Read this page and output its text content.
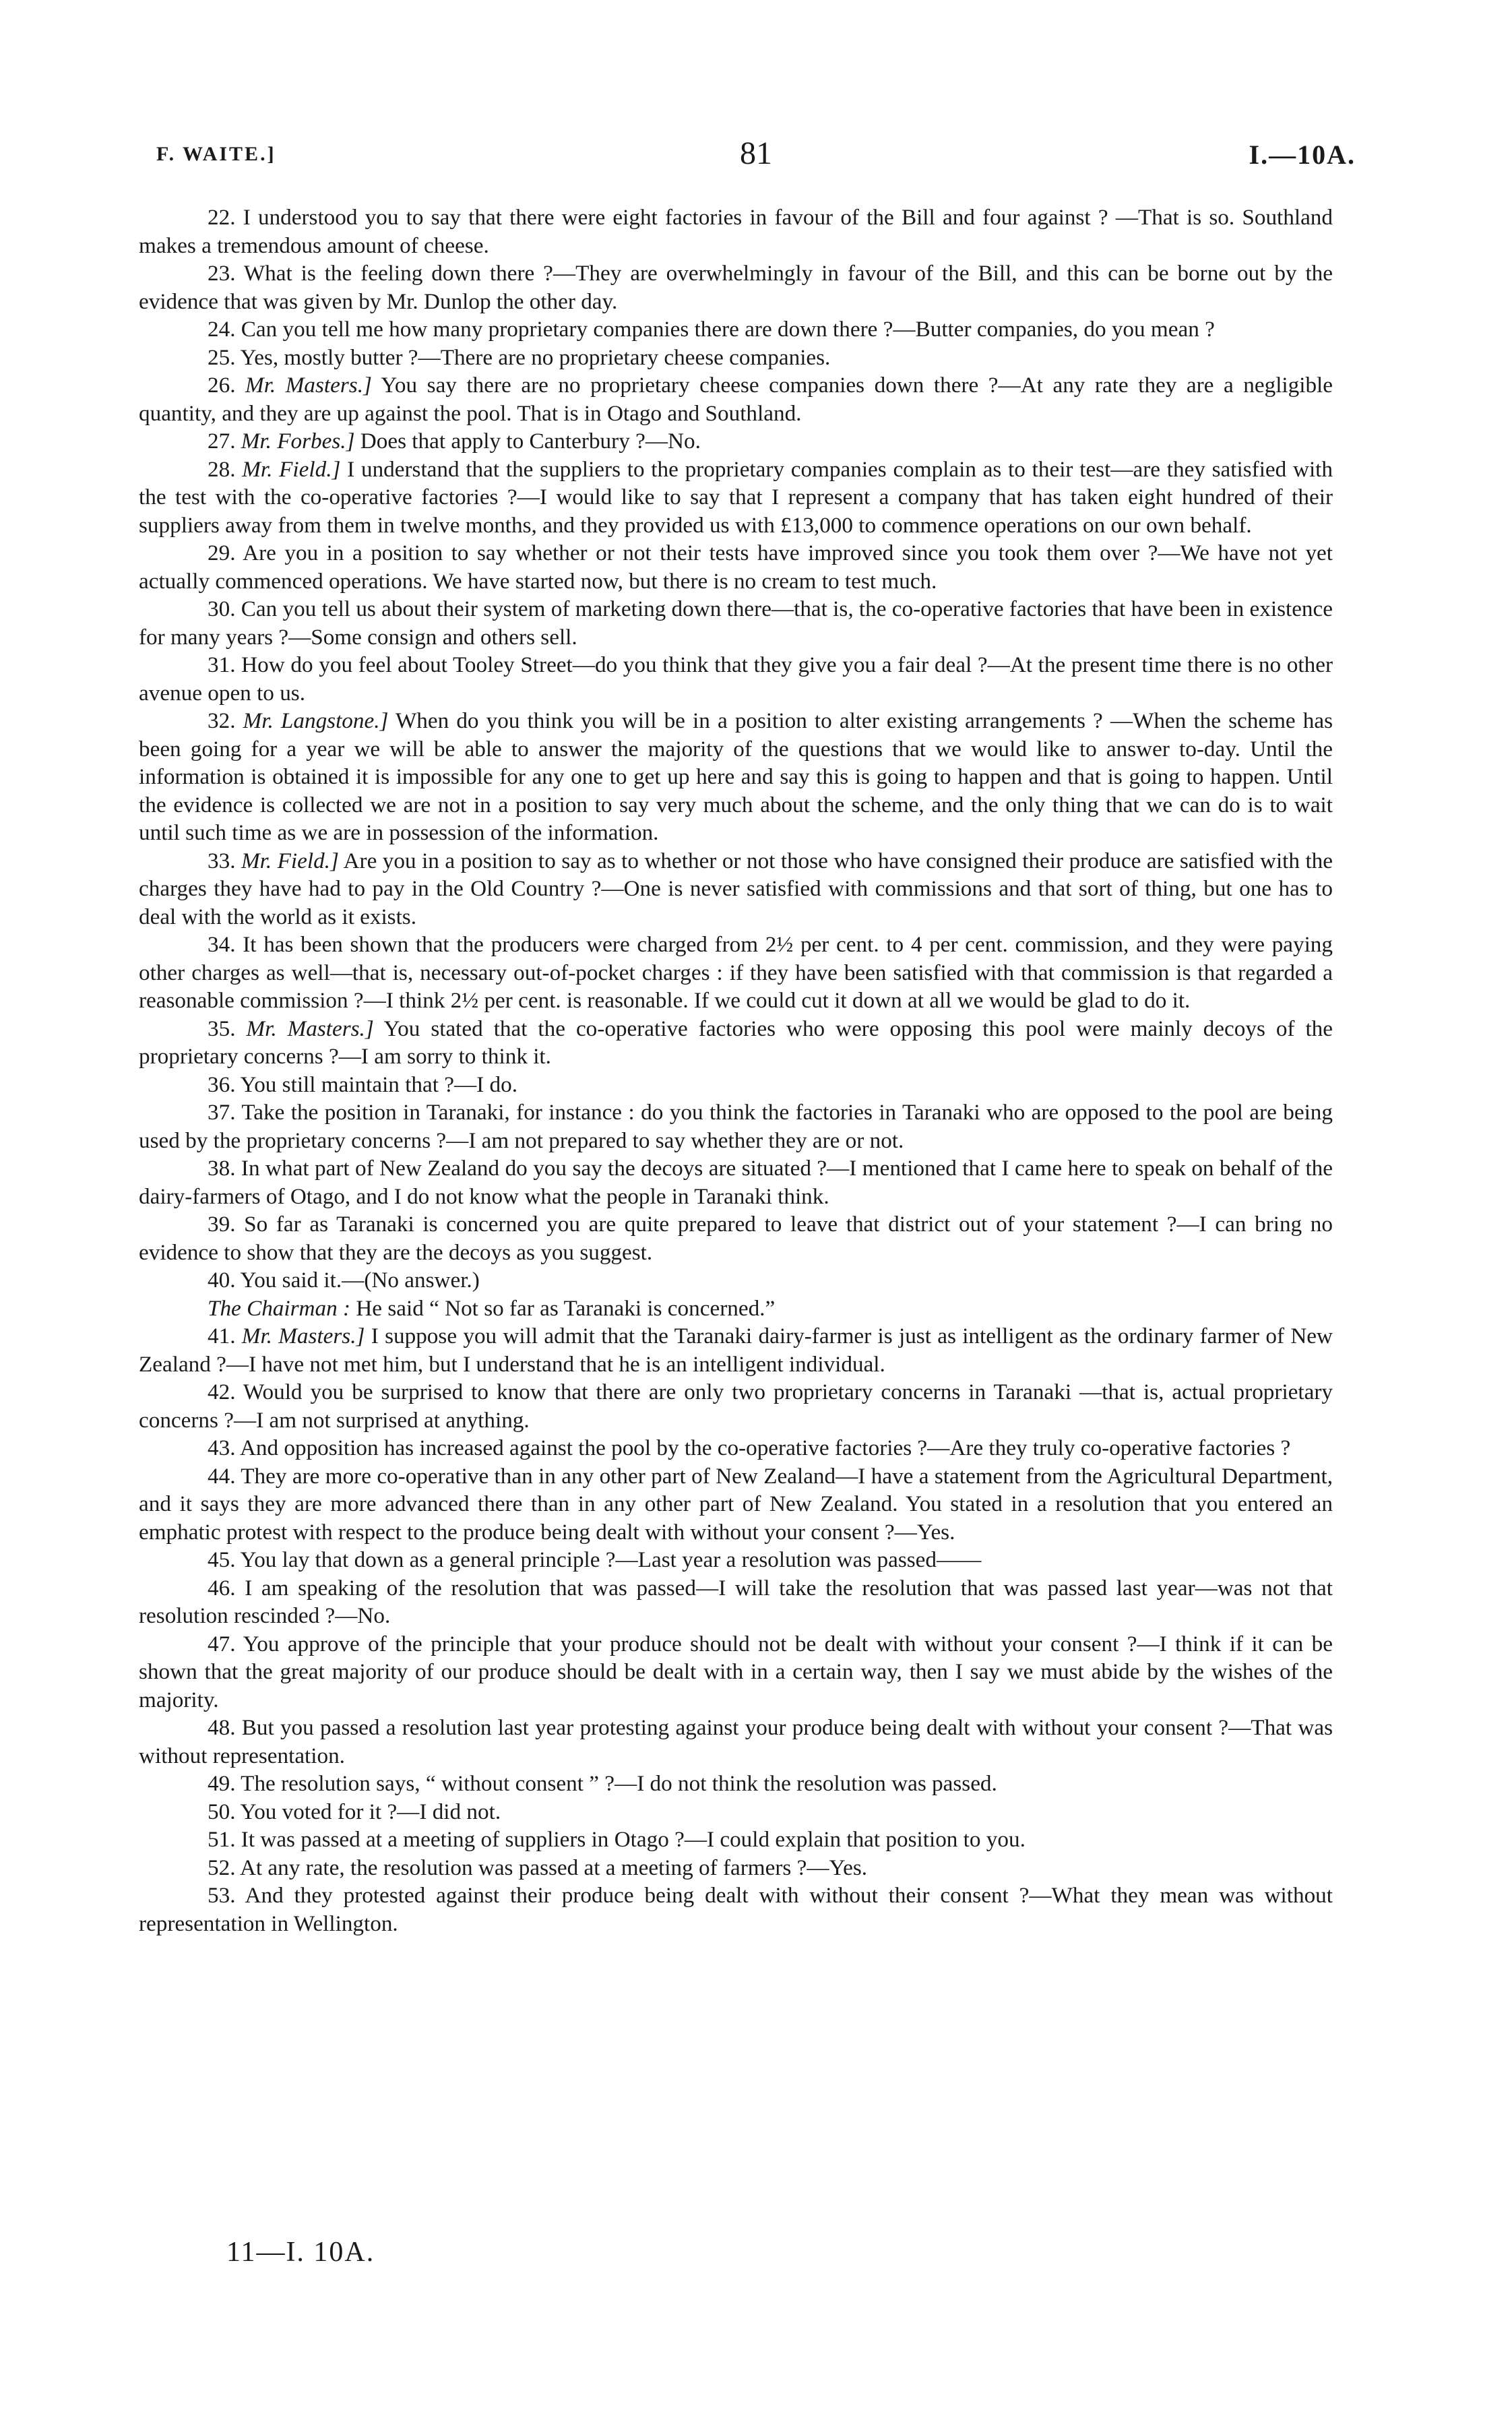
F. WAITE.]	81	I.—10A.

22. I understood you to say that there were eight factories in favour of the Bill and four against ? —That is so. Southland makes a tremendous amount of cheese.

23. What is the feeling down there ?—They are overwhelmingly in favour of the Bill, and this can be borne out by the evidence that was given by Mr. Dunlop the other day.

24. Can you tell me how many proprietary companies there are down there ?—Butter companies, do you mean ?

25. Yes, mostly butter ?—There are no proprietary cheese companies.

26. Mr. Masters.] You say there are no proprietary cheese companies down there ?—At any rate they are a negligible quantity, and they are up against the pool. That is in Otago and Southland.

27. Mr. Forbes.] Does that apply to Canterbury ?—No.

28. Mr. Field.] I understand that the suppliers to the proprietary companies complain as to their test—are they satisfied with the test with the co-operative factories ?—I would like to say that I represent a company that has taken eight hundred of their suppliers away from them in twelve months, and they provided us with £13,000 to commence operations on our own behalf.

29. Are you in a position to say whether or not their tests have improved since you took them over ?—We have not yet actually commenced operations. We have started now, but there is no cream to test much.

30. Can you tell us about their system of marketing down there—that is, the co-operative factories that have been in existence for many years ?—Some consign and others sell.

31. How do you feel about Tooley Street—do you think that they give you a fair deal ?—At the present time there is no other avenue open to us.

32. Mr. Langstone.] When do you think you will be in a position to alter existing arrangements ? —When the scheme has been going for a year we will be able to answer the majority of the questions that we would like to answer to-day. Until the information is obtained it is impossible for any one to get up here and say this is going to happen and that is going to happen. Until the evidence is collected we are not in a position to say very much about the scheme, and the only thing that we can do is to wait until such time as we are in possession of the information.

33. Mr. Field.] Are you in a position to say as to whether or not those who have consigned their produce are satisfied with the charges they have had to pay in the Old Country ?—One is never satisfied with commissions and that sort of thing, but one has to deal with the world as it exists.

34. It has been shown that the producers were charged from 2½ per cent. to 4 per cent. commission, and they were paying other charges as well—that is, necessary out-of-pocket charges : if they have been satisfied with that commission is that regarded a reasonable commission ?—I think 2½ per cent. is reasonable. If we could cut it down at all we would be glad to do it.

35. Mr. Masters.] You stated that the co-operative factories who were opposing this pool were mainly decoys of the proprietary concerns ?—I am sorry to think it.

36. You still maintain that ?—I do.

37. Take the position in Taranaki, for instance : do you think the factories in Taranaki who are opposed to the pool are being used by the proprietary concerns ?—I am not prepared to say whether they are or not.

38. In what part of New Zealand do you say the decoys are situated ?—I mentioned that I came here to speak on behalf of the dairy-farmers of Otago, and I do not know what the people in Taranaki think.

39. So far as Taranaki is concerned you are quite prepared to leave that district out of your statement ?—I can bring no evidence to show that they are the decoys as you suggest.

40. You said it.—(No answer.)

The Chairman : He said “ Not so far as Taranaki is concerned.”

41. Mr. Masters.] I suppose you will admit that the Taranaki dairy-farmer is just as intelligent as the ordinary farmer of New Zealand ?—I have not met him, but I understand that he is an intelligent individual.

42. Would you be surprised to know that there are only two proprietary concerns in Taranaki —that is, actual proprietary concerns ?—I am not surprised at anything.

43. And opposition has increased against the pool by the co-operative factories ?—Are they truly co-operative factories ?

44. They are more co-operative than in any other part of New Zealand—I have a statement from the Agricultural Department, and it says they are more advanced there than in any other part of New Zealand. You stated in a resolution that you entered an emphatic protest with respect to the produce being dealt with without your consent ?—Yes.

45. You lay that down as a general principle ?—Last year a resolution was passed——

46. I am speaking of the resolution that was passed—I will take the resolution that was passed last year—was not that resolution rescinded ?—No.

47. You approve of the principle that your produce should not be dealt with without your consent ?—I think if it can be shown that the great majority of our produce should be dealt with in a certain way, then I say we must abide by the wishes of the majority.

48. But you passed a resolution last year protesting against your produce being dealt with without your consent ?—That was without representation.

49. The resolution says, “ without consent ” ?—I do not think the resolution was passed.

50. You voted for it ?—I did not.

51. It was passed at a meeting of suppliers in Otago ?—I could explain that position to you.

52. At any rate, the resolution was passed at a meeting of farmers ?—Yes.

53. And they protested against their produce being dealt with without their consent ?—What they mean was without representation in Wellington.

11—I. 10A.
